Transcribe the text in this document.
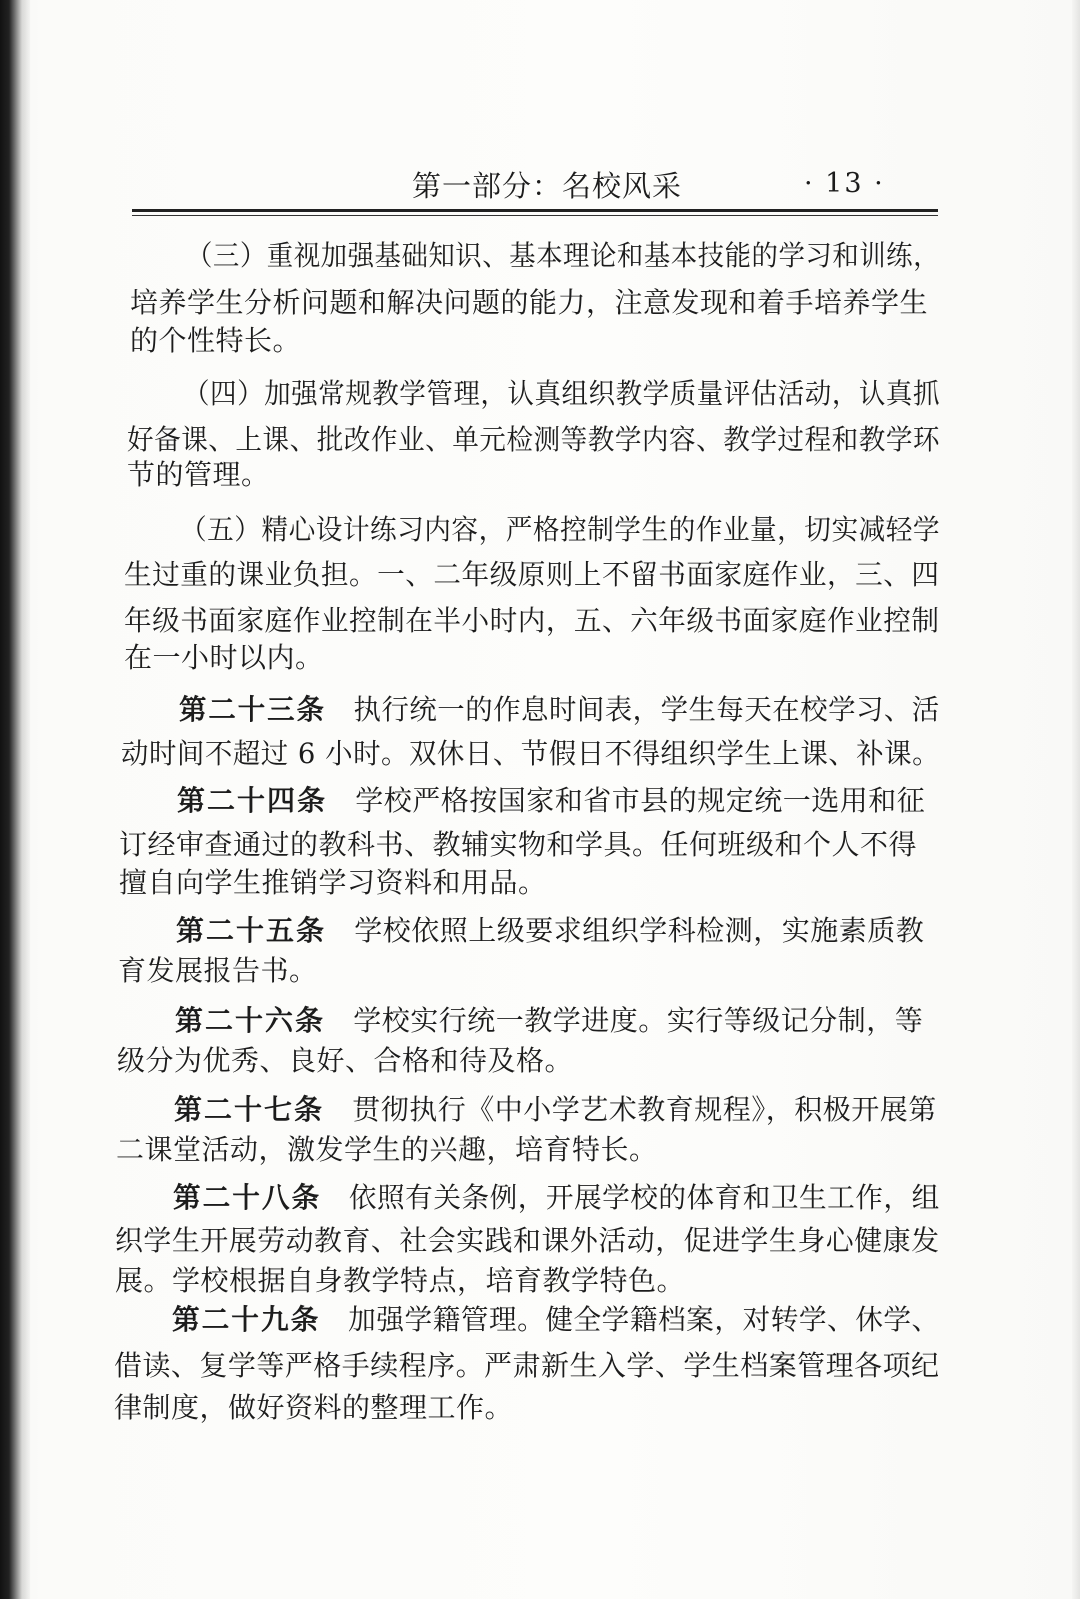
第一部分：名校风采	· 13 ·
（三）重视加强基础知识、基本理论和基本技能的学习和训练，
培养学生分析问题和解决问题的能力，注意发现和着手培养学生
的个性特长。
（四）加强常规教学管理，认真组织教学质量评估活动，认真抓
好备课、上课、批改作业、单元检测等教学内容、教学过程和教学环
节的管理。
（五）精心设计练习内容，严格控制学生的作业量，切实减轻学
生过重的课业负担。一、二年级原则上不留书面家庭作业，三、四
年级书面家庭作业控制在半小时内，五、六年级书面家庭作业控制
在一小时以内。
第二十三条 执行统一的作息时间表，学生每天在校学习、活
动时间不超过 6 小时。双休日、节假日不得组织学生上课、补课。
第二十四条 学校严格按国家和省市县的规定统一选用和征
订经审查通过的教科书、教辅实物和学具。任何班级和个人不得
擅自向学生推销学习资料和用品。
第二十五条 学校依照上级要求组织学科检测，实施素质教
育发展报告书。
第二十六条 学校实行统一教学进度。实行等级记分制，等
级分为优秀、良好、合格和待及格。
第二十七条 贯彻执行《中小学艺术教育规程》，积极开展第
二课堂活动，激发学生的兴趣，培育特长。
第二十八条 依照有关条例，开展学校的体育和卫生工作，组
织学生开展劳动教育、社会实践和课外活动，促进学生身心健康发
展。学校根据自身教学特点，培育教学特色。
第二十九条 加强学籍管理。健全学籍档案，对转学、休学、
借读、复学等严格手续程序。严肃新生入学、学生档案管理各项纪
律制度，做好资料的整理工作。
